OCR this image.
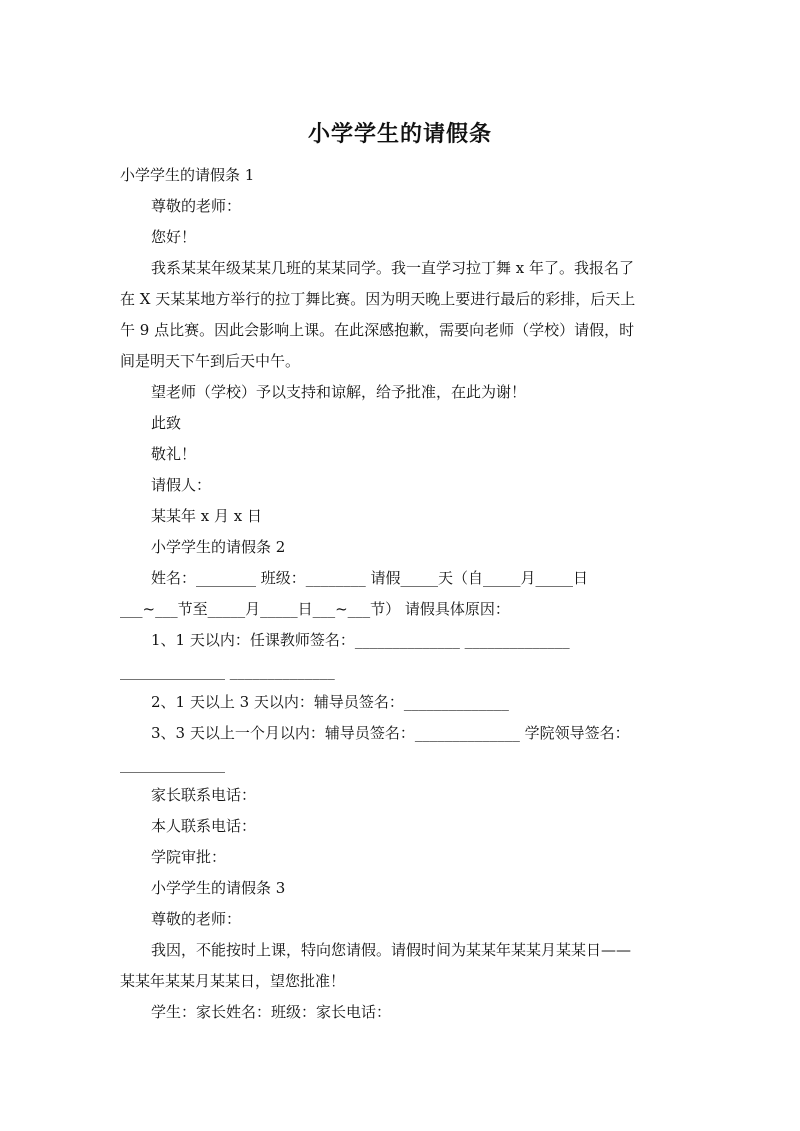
小学学生的请假条
小学学生的请假条 1
尊敬的老师：
您好！
我系某某年级某某几班的某某同学。我一直学习拉丁舞 x 年了。我报名了
在 X 天某某地方举行的拉丁舞比赛。因为明天晚上要进行最后的彩排，后天上
午 9 点比赛。因此会影响上课。在此深感抱歉，需要向老师（学校）请假，时
间是明天下午到后天中午。
望老师（学校）予以支持和谅解，给予批准，在此为谢！
此致
敬礼！
请假人：
某某年 x 月 x 日
小学学生的请假条 2
姓名：________ 班级：________ 请假_____天（自_____月_____日
___~___节至_____月_____日___~___节） 请假具体原因：
1、1 天以内：任课教师签名：______________ ______________
______________ ______________
2、1 天以上 3 天以内：辅导员签名：______________
3、3 天以上一个月以内：辅导员签名：______________ 学院领导签名：
______________
家长联系电话：
本人联系电话：
学院审批：
小学学生的请假条 3
尊敬的老师：
我因，不能按时上课，特向您请假。请假时间为某某年某某月某某日——
某某年某某月某某日，望您批准！
学生：家长姓名：班级：家长电话：
